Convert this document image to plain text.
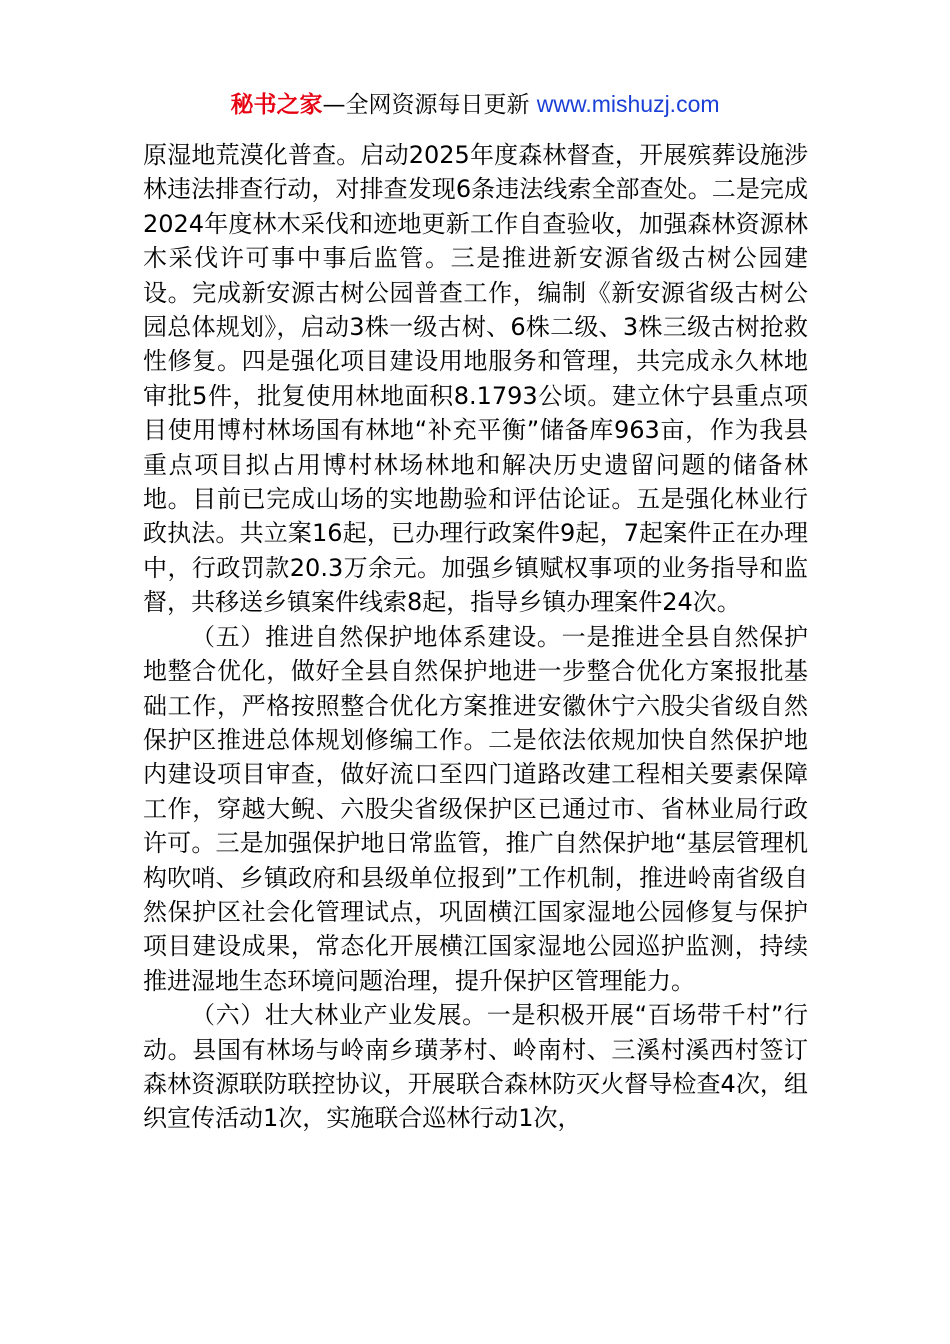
秘书之家—全网资源每日更新 www.mishuzj.com

原湿地荒漠化普查。启动2025年度森林督查，开展殡葬设施涉林违法排查行动，对排查发现6条违法线索全部查处。二是完成2024年度林木采伐和迹地更新工作自查验收，加强森林资源林木采伐许可事中事后监管。三是推进新安源省级古树公园建设。完成新安源古树公园普查工作，编制《新安源省级古树公园总体规划》，启动3株一级古树、6株二级、3株三级古树抢救性修复。四是强化项目建设用地服务和管理，共完成永久林地审批5件，批复使用林地面积8.1793公顷。建立休宁县重点项目使用博村林场国有林地“补充平衡”储备库963亩，作为我县重点项目拟占用博村林场林地和解决历史遗留问题的储备林地。目前已完成山场的实地勘验和评估论证。五是强化林业行政执法。共立案16起，已办理行政案件9起，7起案件正在办理中，行政罚款20.3万余元。加强乡镇赋权事项的业务指导和监督，共移送乡镇案件线索8起，指导乡镇办理案件24次。

（五）推进自然保护地体系建设。一是推进全县自然保护地整合优化，做好全县自然保护地进一步整合优化方案报批基础工作，严格按照整合优化方案推进安徽休宁六股尖省级自然保护区推进总体规划修编工作。二是依法依规加快自然保护地内建设项目审查，做好流口至四门道路改建工程相关要素保障工作，穿越大鲵、六股尖省级保护区已通过市、省林业局行政许可。三是加强保护地日常监管，推广自然保护地“基层管理机构吹哨、乡镇政府和县级单位报到”工作机制，推进岭南省级自然保护区社会化管理试点，巩固横江国家湿地公园修复与保护项目建设成果，常态化开展横江国家湿地公园巡护监测，持续推进湿地生态环境问题治理，提升保护区管理能力。

（六）壮大林业产业发展。一是积极开展“百场带千村”行动。县国有林场与岭南乡璜茅村、岭南村、三溪村溪西村签订森林资源联防联控协议，开展联合森林防灭火督导检查4次，组织宣传活动1次，实施联合巡林行动1次，
